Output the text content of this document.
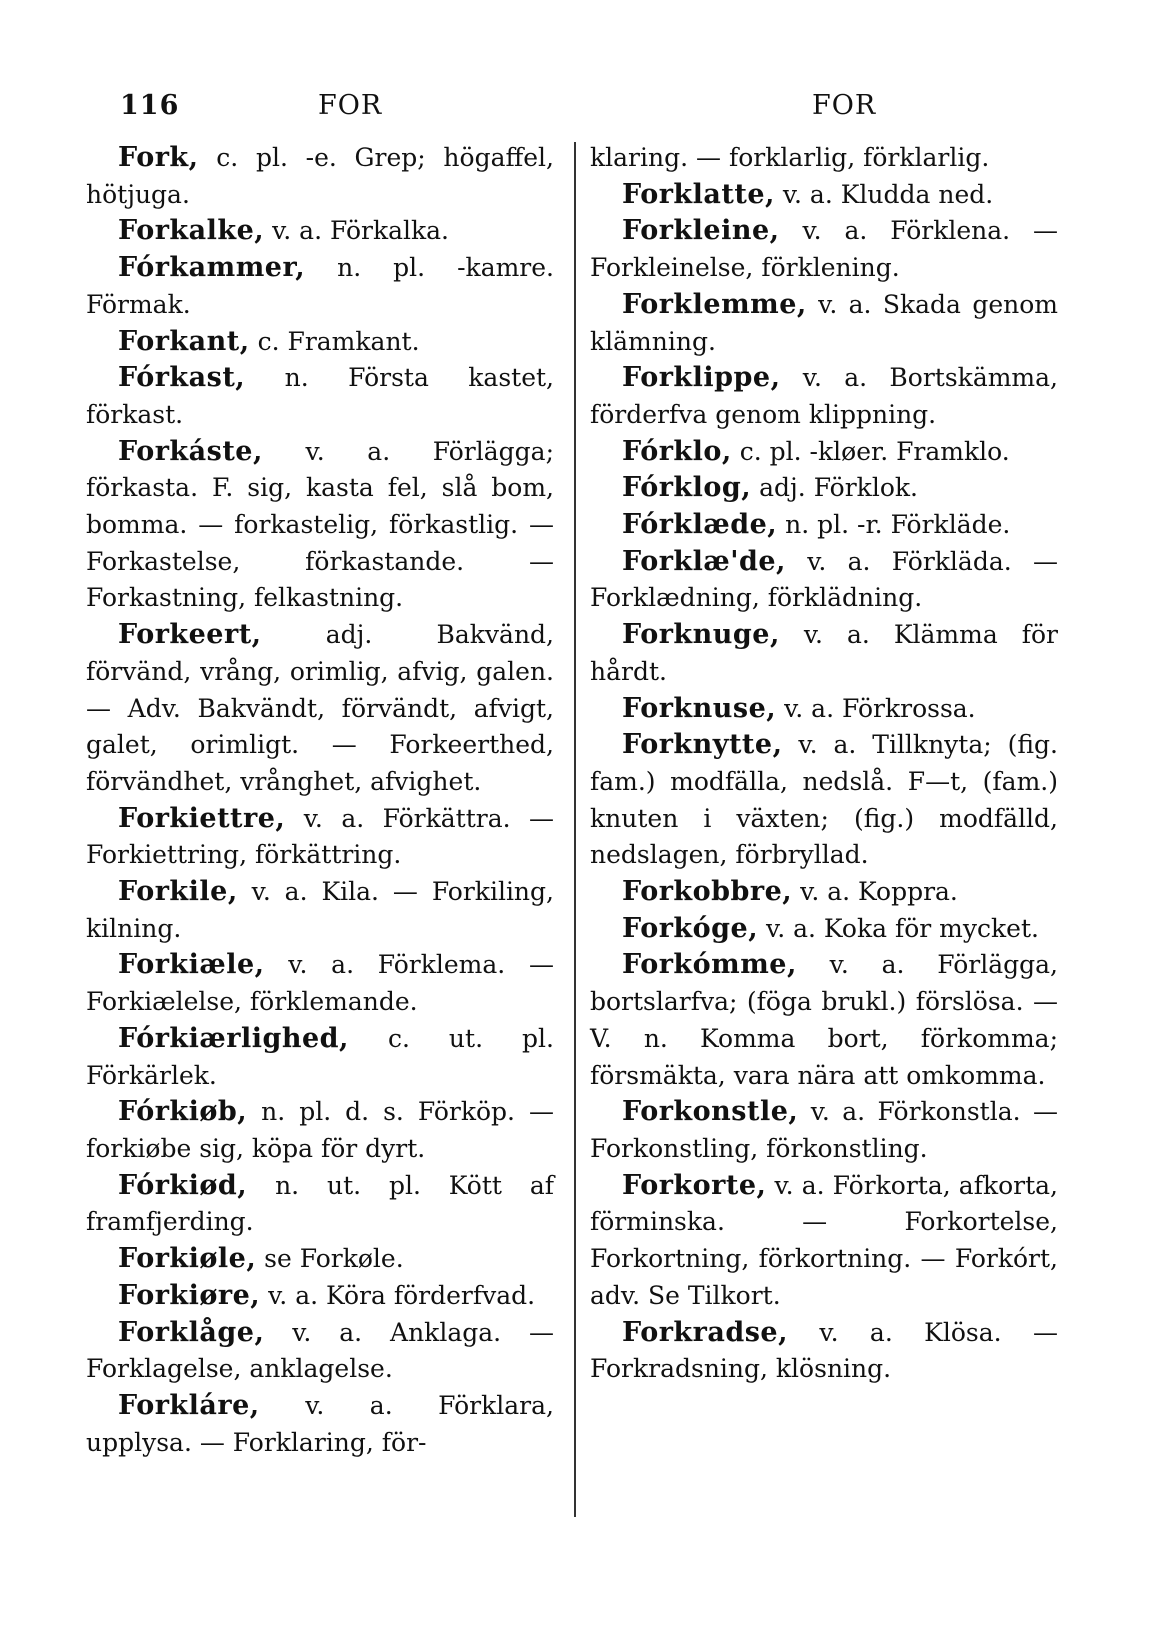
116	FOR	FOR

Fork, c. pl. -e. Grep; högaffel, hötjuga.

Forkalke, v. a. Förkalka.

Fórkammer, n. pl. -kamre. Förmak.

Forkant, c. Framkant.

Fórkast, n. Första kastet, förkast.

Forkáste, v. a. Förlägga; förkasta. F. sig, kasta fel, slå bom, bomma. — forkastelig, förkastlig. — Forkastelse, förkastande. — Forkastning, felkastning.

Forkeert, adj. Bakvänd, förvänd, vrång, orimlig, afvig, galen. — Adv. Bakvändt, förvändt, afvigt, galet, orimligt. — Forkeerthed, förvändhet, vrånghet, afvighet.

Forkiettre, v. a. Förkättra. — Forkiettring, förkättring.

Forkile, v. a. Kila. — Forkiling, kilning.

Forkiæle, v. a. Förklema. — Forkiælelse, förklemande.

Fórkiærlighed, c. ut. pl. Förkärlek.

Fórkiøb, n. pl. d. s. Förköp. — forkiøbe sig, köpa för dyrt.

Fórkiød, n. ut. pl. Kött af framfjerding.

Forkiøle, se Forkøle.

Forkiøre, v. a. Köra förderfvad.

Forklåge, v. a. Anklaga. — Forklagelse, anklagelse.

Forkláre, v. a. Förklara, upplysa. — Forklaring, för-

klaring. — forklarlig, förklarlig.

Forklatte, v. a. Kludda ned.

Forkleine, v. a. Förklena. — Forkleinelse, förklening.

Forklemme, v. a. Skada genom klämning.

Forklippe, v. a. Bortskämma, förderfva genom klippning.

Fórklo, c. pl. -kløer. Framklo.

Fórklog, adj. Förklok.

Fórklæde, n. pl. -r. Förkläde.

Forklæ'de, v. a. Förkläda. — Forklædning, förklädning.

Forknuge, v. a. Klämma för hårdt.

Forknuse, v. a. Förkrossa.

Forknytte, v. a. Tillknyta; (fig. fam.) modfälla, nedslå. F—t, (fam.) knuten i växten; (fig.) modfälld, nedslagen, förbryllad.

Forkobbre, v. a. Koppra.

Forkóge, v. a. Koka för mycket.

Forkómme, v. a. Förlägga, bortslarfva; (föga brukl.) förslösa. — V. n. Komma bort, förkomma; försmäkta, vara nära att omkomma.

Forkonstle, v. a. Förkonstla. — Forkonstling, förkonstling.

Forkorte, v. a. Förkorta, afkorta, förminska. — Forkortelse, Forkortning, förkortning. — Forkórt, adv. Se Tilkort.

Forkradse, v. a. Klösa. — Forkradsning, klösning.
